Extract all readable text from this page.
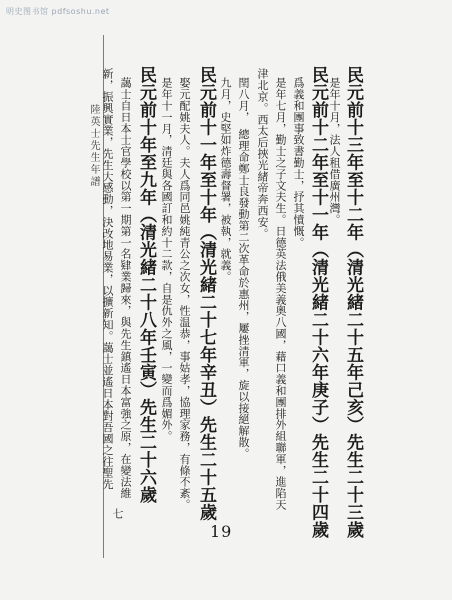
明史图书馆 pdfsoshu.net
陸英士先生年譜	民元前十三年至十二年（清光緒二十五年己亥）先生二十三歲
是年十月，法人租借廣州灣。
民元前十二年至十一年（清光緒二十六年庚子）先生二十四歲
爲義和團事致書勤士，抒其憤慨。
是年七月，勤士之子文夫生。日德英法俄美義奧八國，藉口義和團排外組聯軍，進陷天
津北京。西太后挾光緒帝奔西安。
閏八月，　總理命鄭士良發動第二次革命於惠州，屢挫清軍，旋以接絕解散。
九月，史堅如炸德壽督署，被執，就義。
民元前十一年至十年（清光緒二十七年辛丑）先生二十五歲
娶元配姚夫人。夫人爲同邑姚純青公之次女，性温恭，事姑孝，協理家務，有條不紊。
是年十一月，清廷與各國訂和約十二款，自是仇外之風，一變而爲媚外。
民元前十年至九年（清光緒二十八年壬寅）先生二十六歲
藹士自日本士官學校以第一期第一名肄業歸來，與先生鎮遙日本富強之原，在變法維
新，振興實業，先生大感動，決改地易業，以擴新知。藹士並遙日本對吾國之往聖先
七
19
